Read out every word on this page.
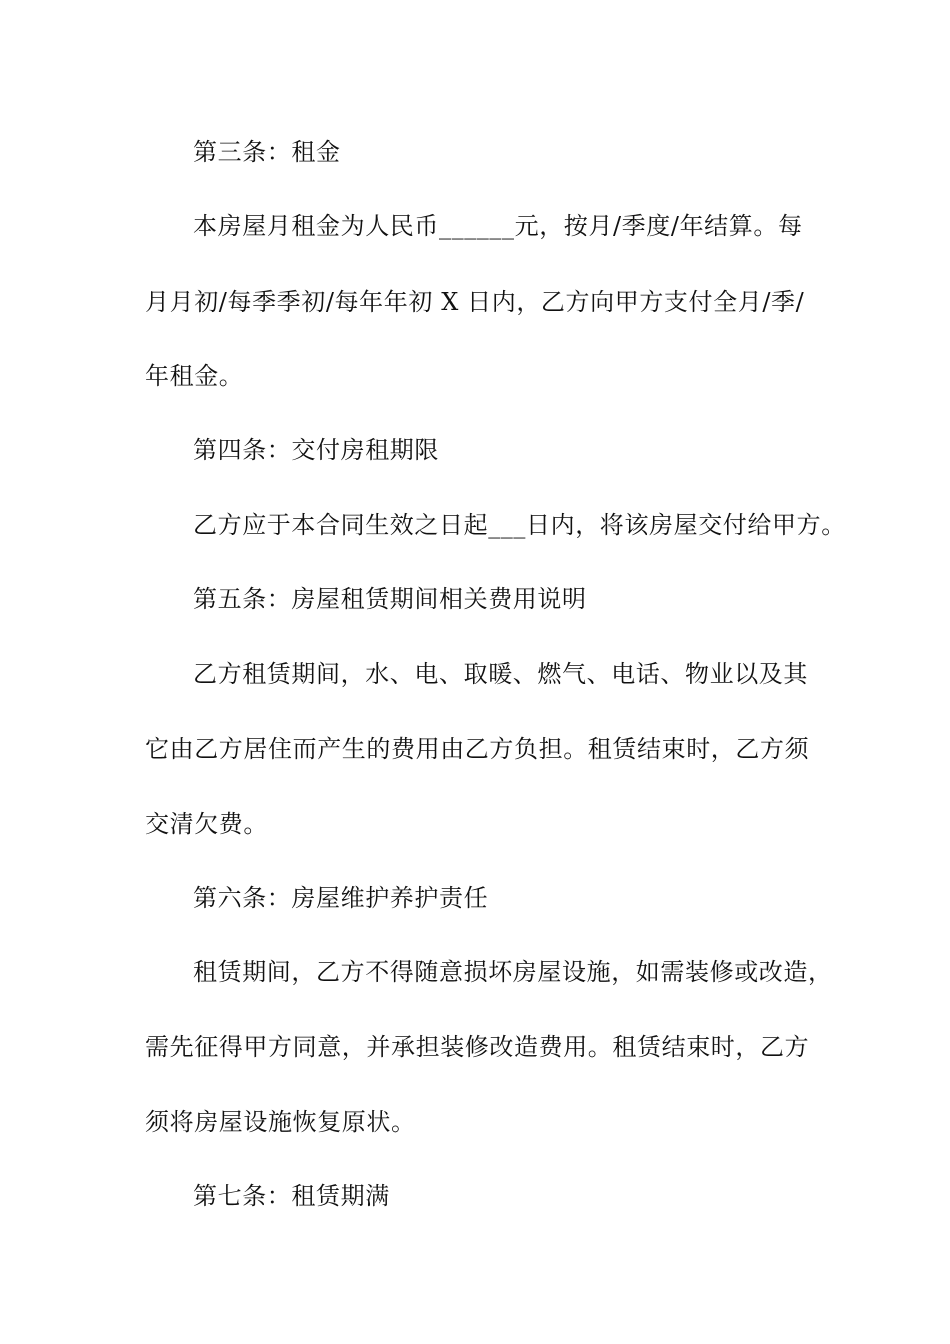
第三条：租金
本房屋月租金为人民币______元，按月/季度/年结算。每
月月初/每季季初/每年年初 X 日内，乙方向甲方支付全月/季/
年租金。
第四条：交付房租期限
乙方应于本合同生效之日起___日内，将该房屋交付给甲方。
第五条：房屋租赁期间相关费用说明
乙方租赁期间，水、电、取暖、燃气、电话、物业以及其
它由乙方居住而产生的费用由乙方负担。租赁结束时，乙方须
交清欠费。
第六条：房屋维护养护责任
租赁期间，乙方不得随意损坏房屋设施，如需装修或改造，
需先征得甲方同意，并承担装修改造费用。租赁结束时，乙方
须将房屋设施恢复原状。
第七条：租赁期满
